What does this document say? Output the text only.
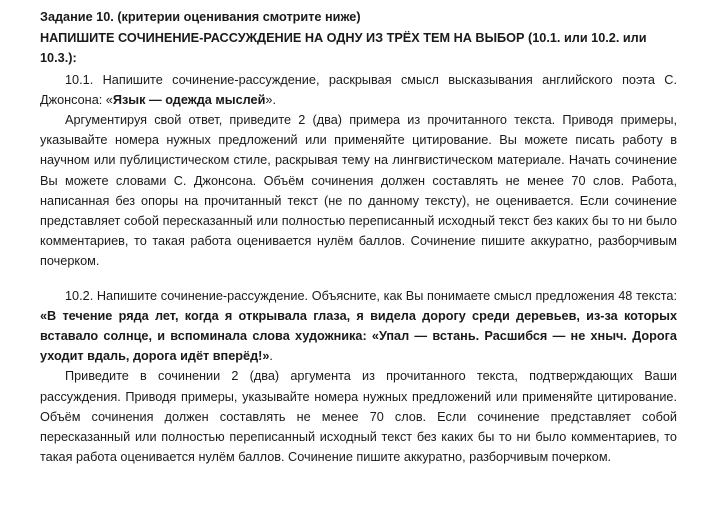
Задание 10. (критерии оценивания смотрите ниже)
НАПИШИТЕ СОЧИНЕНИЕ-РАССУЖДЕНИЕ НА ОДНУ ИЗ ТРЁХ ТЕМ НА ВЫБОР (10.1. или 10.2. или 10.3.):

10.1. Напишите сочинение-рассуждение, раскрывая смысл высказывания английского поэта С. Джонсона: «Язык — одежда мыслей».

Аргументируя свой ответ, приведите 2 (два) примера из прочитанного текста. Приводя примеры, указывайте номера нужных предложений или применяйте цитирование. Вы можете писать работу в научном или публицистическом стиле, раскрывая тему на лингвистическом материале. Начать сочинение Вы можете словами С. Джонсона. Объём сочинения должен составлять не менее 70 слов. Работа, написанная без опоры на прочитанный текст (не по данному тексту), не оценивается. Если сочинение представляет собой пересказанный или полностью переписанный исходный текст без каких бы то ни было комментариев, то такая работа оценивается нулём баллов. Сочинение пишите аккуратно, разборчивым почерком.

10.2. Напишите сочинение-рассуждение. Объясните, как Вы понимаете смысл предложения 48 текста: «В течение ряда лет, когда я открывала глаза, я видела дорогу среди деревьев, из-за которых вставало солнце, и вспоминала слова художника: «Упал — встань. Расшибся — не хныч. Дорога уходит вдаль, дорога идёт вперёд!».

Приведите в сочинении 2 (два) аргумента из прочитанного текста, подтверждающих Ваши рассуждения. Приводя примеры, указывайте номера нужных предложений или применяйте цитирование. Объём сочинения должен составлять не менее 70 слов. Если сочинение представляет собой пересказанный или полностью переписанный исходный текст без каких бы то ни было комментариев, то такая работа оценивается нулём баллов. Сочинение пишите аккуратно, разборчивым почерком.
